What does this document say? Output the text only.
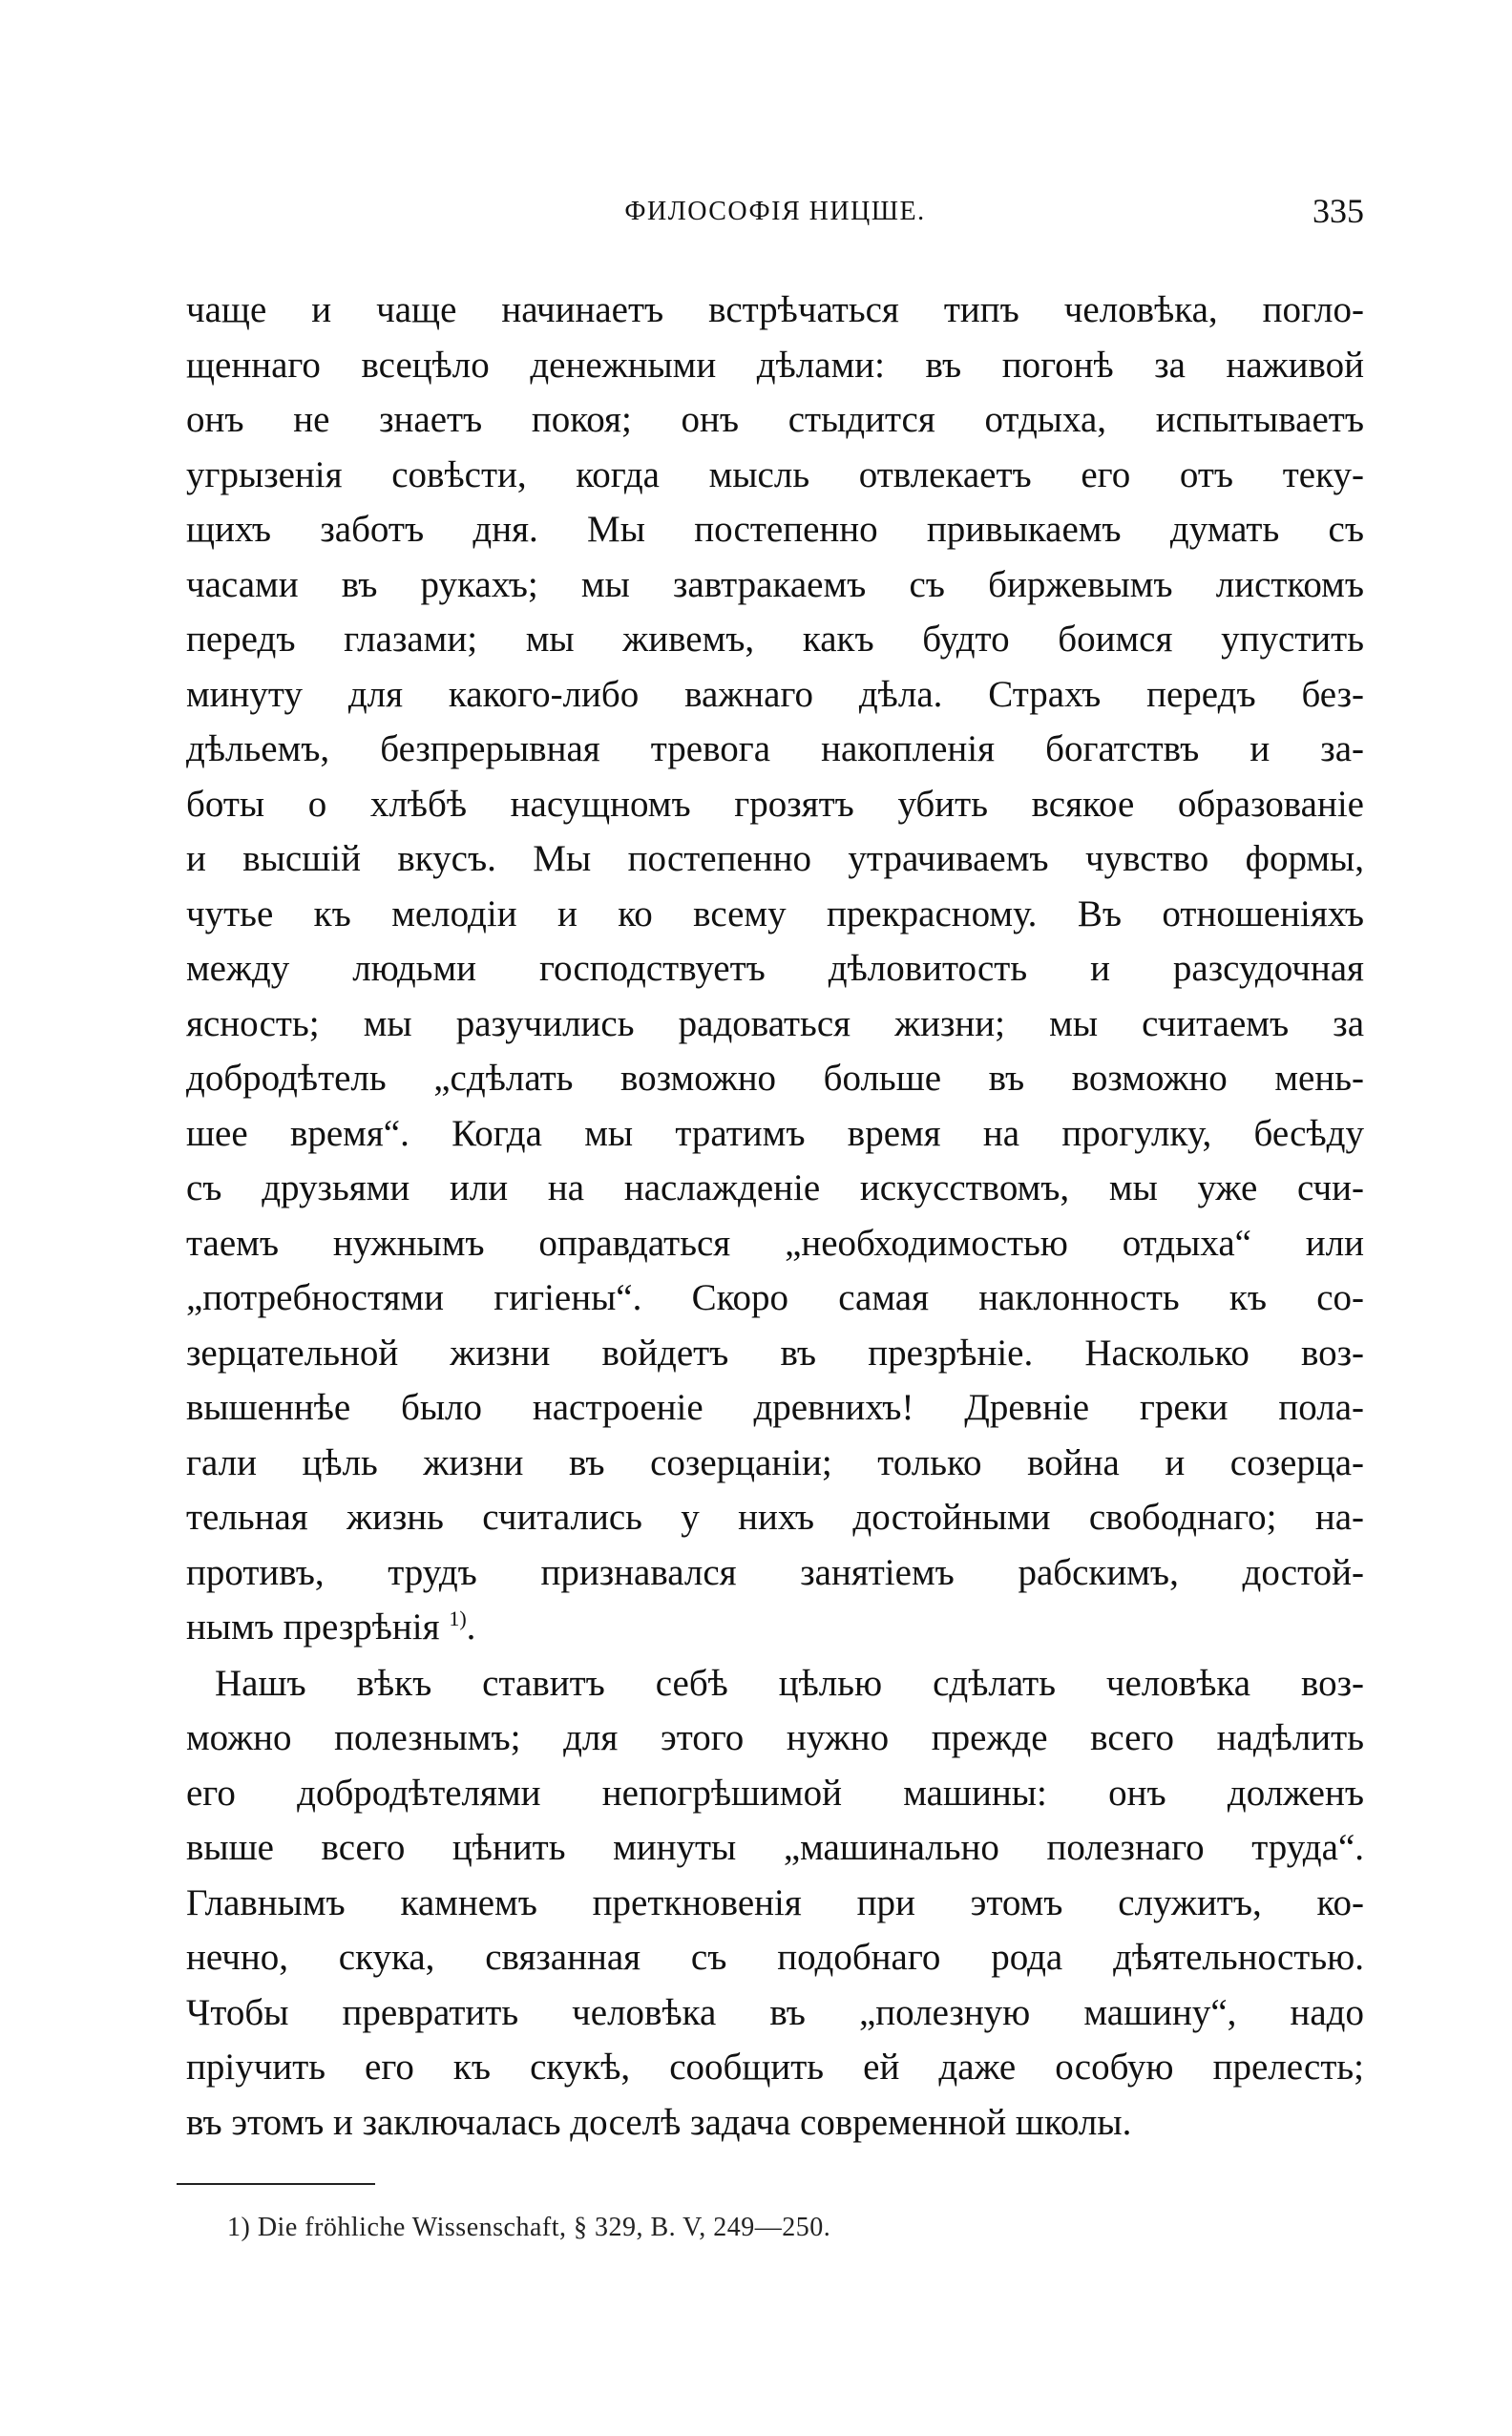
ФИЛОСОФІЯ НИЦШЕ.	335
чаще и чаще начинаетъ встрѣчаться типъ человѣка, погло-
щеннаго всецѣло денежными дѣлами: въ погонѣ за наживой
онъ не знаетъ покоя; онъ стыдится отдыха, испытываетъ
угрызенія совѣсти, когда мысль отвлекаетъ его отъ теку-
щихъ заботъ дня. Мы постепенно привыкаемъ думать съ
часами въ рукахъ; мы завтракаемъ съ биржевымъ листкомъ
передъ глазами; мы живемъ, какъ будто боимся упустить
минуту для какого-либо важнаго дѣла. Страхъ передъ без-
дѣльемъ, безпрерывная тревога накопленія богатствъ и за-
боты о хлѣбѣ насущномъ грозятъ убить всякое образованіе
и высшій вкусъ. Мы постепенно утрачиваемъ чувство формы,
чутье къ мелодіи и ко всему прекрасному. Въ отношеніяхъ
между людьми господствуетъ дѣловитость и разсудочная
ясность; мы разучились радоваться жизни; мы считаемъ за
добродѣтель „сдѣлать возможно больше въ возможно мень-
шее время“. Когда мы тратимъ время на прогулку, бесѣду
съ друзьями или на наслажденіе искусствомъ, мы уже счи-
таемъ нужнымъ оправдаться „необходимостью отдыха“ или
„потребностями гигіены“. Скоро самая наклонность къ со-
зерцательной жизни войдетъ въ презрѣніе. Насколько воз-
вышеннѣе было настроеніе древнихъ! Древніе греки пола-
гали цѣль жизни въ созерцаніи; только война и созерца-
тельная жизнь считались у нихъ достойными свободнаго; на-
противъ, трудъ признавался занятіемъ рабскимъ, достой-
нымъ презрѣнія $^{1)}$.
Нашъ вѣкъ ставитъ себѣ цѣлью сдѣлать человѣка воз-
можно полезнымъ; для этого нужно прежде всего надѣлить
его добродѣтелями непогрѣшимой машины: онъ долженъ
выше всего цѣнить минуты „машинально полезнаго труда“.
Главнымъ камнемъ преткновенія при этомъ служитъ, ко-
нечно, скука, связанная съ подобнаго рода дѣятельностью.
Чтобы превратить человѣка въ „полезную машину“, надо
пріучить его къ скукѣ, сообщить ей даже особую прелесть;
въ этомъ и заключалась доселѣ задача современной школы.
1) Die fröhliche Wissenschaft, § 329, B. V, 249—250.
